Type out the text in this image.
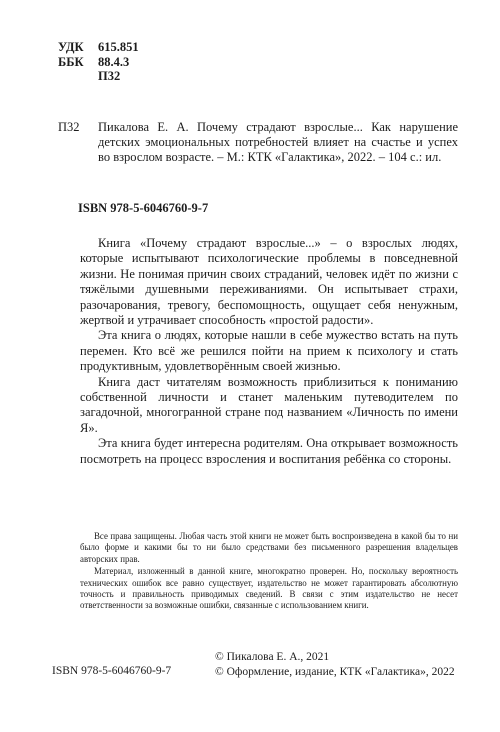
УДК	615.851
ББК	88.4.3
П32
П32	Пикалова Е. А. Почему страдают взрослые... Как нарушение детских эмоциональных потребностей влияет на счастье и успех во взрослом возрасте. – М.: КТК «Галактика», 2022. – 104 с.: ил.

ISBN 978-5-6046760-9-7

Книга «Почему страдают взрослые...» – о взрослых людях, которые испытывают психологические проблемы в повседневной жизни. Не понимая причин своих страданий, человек идёт по жизни с тяжёлыми душевными переживаниями. Он испытывает страхи, разочарования, тревогу, беспомощность, ощущает себя ненужным, жертвой и утрачивает способность «простой радости».

Эта книга о людях, которые нашли в себе мужество встать на путь перемен. Кто всё же решился пойти на прием к психологу и стать продуктивным, удовлетворённым своей жизнью.

Книга даст читателям возможность приблизиться к пониманию собственной личности и станет маленьким путеводителем по загадочной, многогранной стране под названием «Личность по имени Я».

Эта книга будет интересна родителям. Она открывает возможность посмотреть на процесс взросления и воспитания ребёнка со стороны.

Все права защищены. Любая часть этой книги не может быть воспроизведена в какой бы то ни было форме и какими бы то ни было средствами без письменного разрешения владельцев авторских прав.

Материал, изложенный в данной книге, многократно проверен. Но, поскольку вероятность технических ошибок все равно существует, издательство не может гарантировать абсолютную точность и правильность приводимых сведений. В связи с этим издательство не несет ответственности за возможные ошибки, связанные с использованием книги.

ISBN 978-5-6046760-9-7
© Пикалова Е. А., 2021
© Оформление, издание, КТК «Галактика», 2022
